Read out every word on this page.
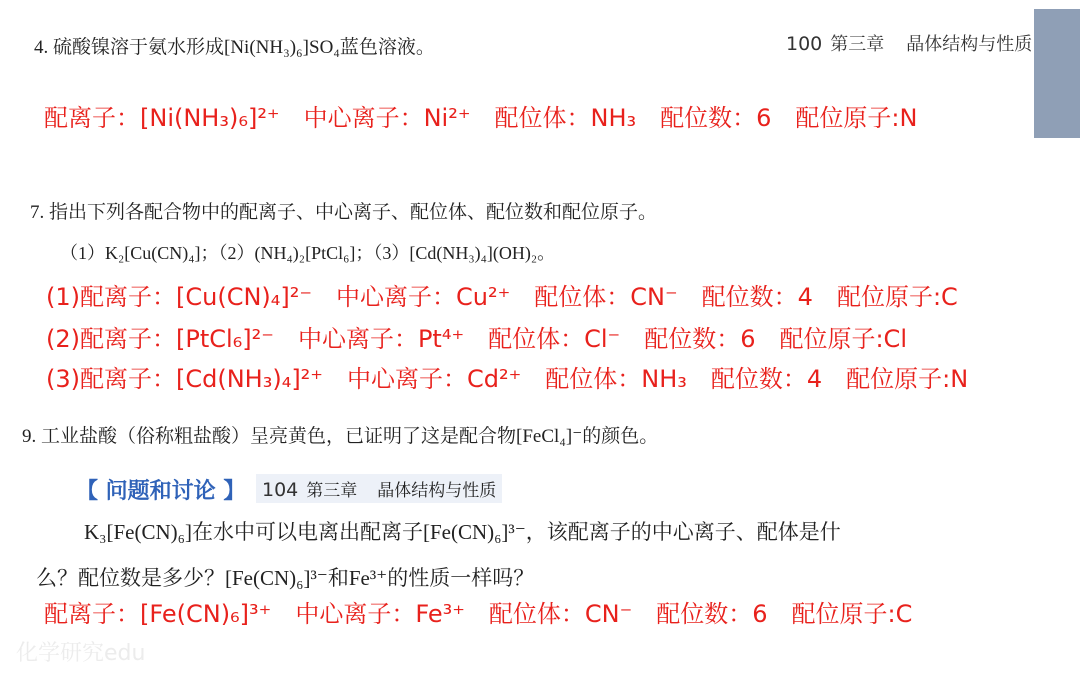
100 第三章 晶体结构与性质
4. 硫酸镍溶于氨水形成[Ni(NH₃)₆]SO₄蓝色溶液。
配离子：[Ni(NH₃)₆]²⁺　中心离子：Ni²⁺　配位体：NH₃　配位数：6　配位原子:N
7. 指出下列各配合物中的配离子、中心离子、配位体、配位数和配位原子。
（1）K₂[Cu(CN)₄]；（2）(NH₄)₂[PtCl₆]；（3）[Cd(NH₃)₄](OH)₂。
(1)配离子：[Cu(CN)₄]²⁻　中心离子：Cu²⁺　配位体：CN⁻　配位数：4　配位原子:C
(2)配离子：[PtCl₆]²⁻　中心离子：Pt⁴⁺　配位体：Cl⁻　配位数：6　配位原子:Cl
(3)配离子：[Cd(NH₃)₄]²⁺　中心离子：Cd²⁺　配位体：NH₃　配位数：4　配位原子:N
9. 工业盐酸（俗称粗盐酸）呈亮黄色，已证明了这是配合物[FeCl₄]⁻的颜色。
【 问题和讨论 】 104 第三章 晶体结构与性质
K₃[Fe(CN)₆]在水中可以电离出配离子[Fe(CN)₆]³⁻，该配离子的中心离子、配体是什
么？配位数是多少？[Fe(CN)₆]³⁻和Fe³⁺的性质一样吗？
配离子：[Fe(CN)₆]³⁺　中心离子：Fe³⁺　配位体：CN⁻　配位数：6　配位原子:C
化学研究edu
